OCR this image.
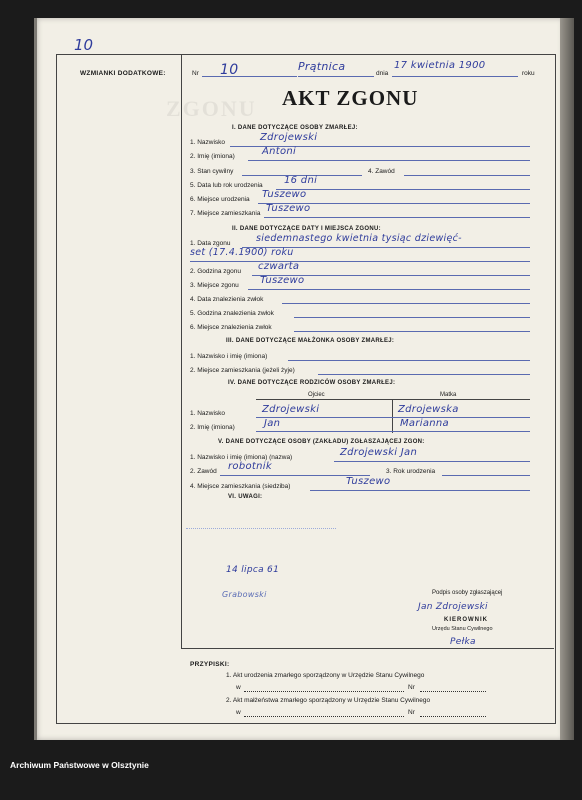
10
WZMIANKI DODATKOWE:	Nr 10	Prątnica
dnia
17 kwietnia 1900
roku
ZGONU AKT ZGONU
I. DANE DOTYCZĄCE OSOBY ZMARŁEJ:
1. Nazwisko	Zdrojewski
2. Imię (imiona)	Antoni
3. Stan cywilny	4. Zawód
5. Data lub rok urodzenia 16 dni
6. Miejsce urodzenia Tuszewo
7. Miejsce zamieszkania Tuszewo
II. DANE DOTYCZĄCE DATY I MIEJSCA ZGONU:
1. Data zgonu	siedemnastego kwietnia tysiąc dziewięć-
set (17.4.1900) roku
2. Godzina zgonu czwarta
3. Miejsce zgonu Tuszewo
4. Data znalezienia zwłok
5. Godzina znalezienia zwłok
6. Miejsce znalezienia zwłok
III. DANE DOTYCZĄCE MAŁŻONKA OSOBY ZMARŁEJ:
1. Nazwisko i imię (imiona)
2. Miejsce zamieszkania (jeżeli żyje)
IV. DANE DOTYCZĄCE RODZICÓW OSOBY ZMARŁEJ:
Ojciec	Matka
1. Nazwisko	Zdrojewski	Zdrojewska
2. Imię (imiona)	Jan	Marianna
V. DANE DOTYCZĄCE OSOBY (ZAKŁADU) ZGŁASZAJĄCEJ ZGON:
1. Nazwisko i imię (imiona) (nazwa)	Zdrojewski Jan
2. Zawód robotnik	3. Rok urodzenia
4. Miejsce zamieszkania (siedziba)	Tuszewo
VI. UWAGI:
14 lipca 61
Grabowski	Podpis osoby zgłaszającej
Jan Zdrojewski
KIEROWNIK
Urzędu Stanu Cywilnego
Pełka
PRZYPISKI:
1. Akt urodzenia zmarłego sporządzony w Urzędzie Stanu Cywilnego
w	Nr
2. Akt małżeństwa zmarłego sporządzony w Urzędzie Stanu Cywilnego
w	Nr
Archiwum Państwowe w Olsztynie
